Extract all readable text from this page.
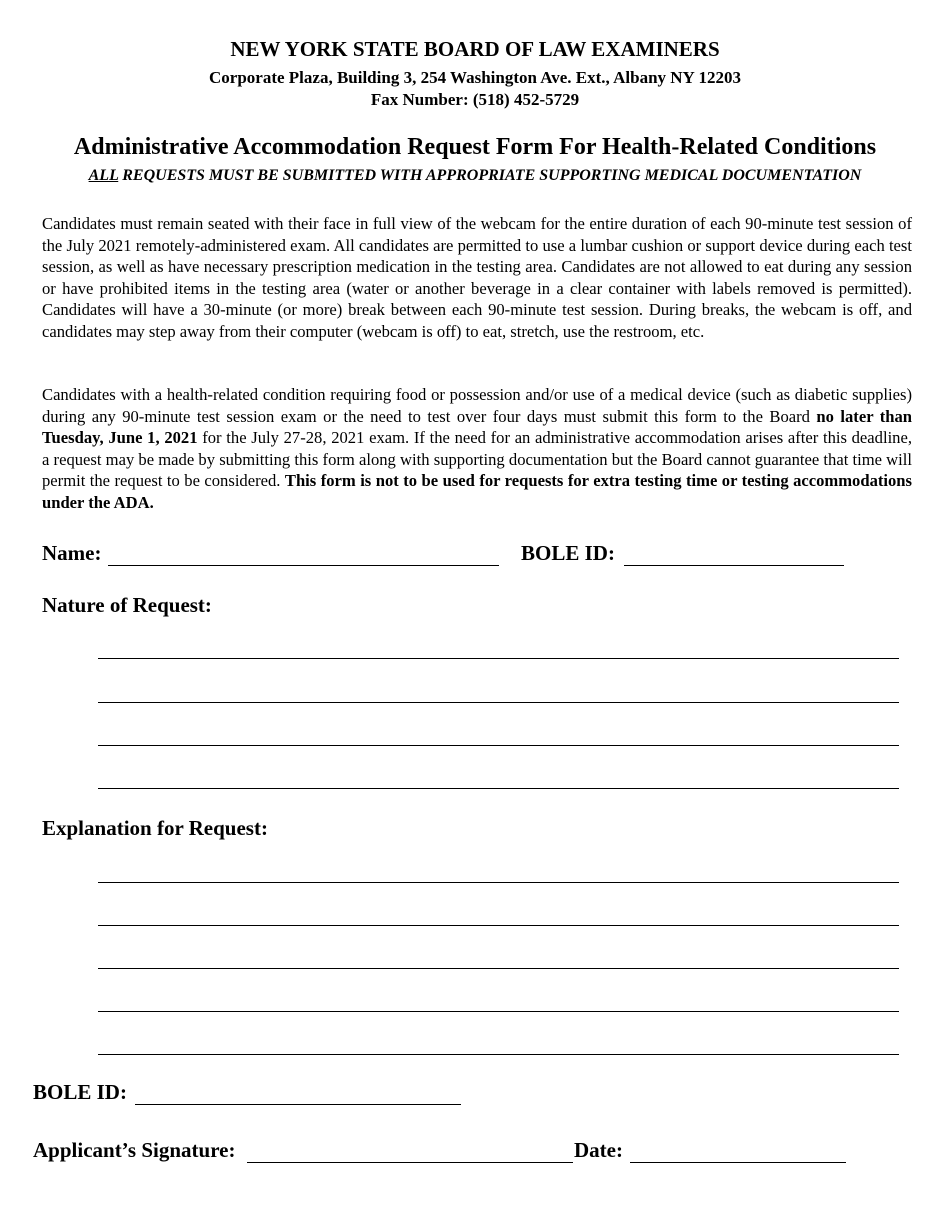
NEW YORK STATE BOARD OF LAW EXAMINERS
Corporate Plaza, Building 3, 254 Washington Ave. Ext., Albany NY 12203
Fax Number: (518) 452-5729
Administrative Accommodation Request Form For Health-Related Conditions
ALL REQUESTS MUST BE SUBMITTED WITH APPROPRIATE SUPPORTING MEDICAL DOCUMENTATION
Candidates must remain seated with their face in full view of the webcam for the entire duration of each 90-minute test session of the July 2021 remotely-administered exam. All candidates are permitted to use a lumbar cushion or support device during each test session, as well as have necessary prescription medication in the testing area. Candidates are not allowed to eat during any session or have prohibited items in the testing area (water or another beverage in a clear container with labels removed is permitted). Candidates will have a 30-minute (or more) break between each 90-minute test session. During breaks, the webcam is off, and candidates may step away from their computer (webcam is off) to eat, stretch, use the restroom, etc.
Candidates with a health-related condition requiring food or possession and/or use of a medical device (such as diabetic supplies) during any 90-minute test session exam or the need to test over four days must submit this form to the Board no later than Tuesday, June 1, 2021 for the July 27-28, 2021 exam. If the need for an administrative accommodation arises after this deadline, a request may be made by submitting this form along with supporting documentation but the Board cannot guarantee that time will permit the request to be considered. This form is not to be used for requests for extra testing time or testing accommodations under the ADA.
Name:	BOLE ID:
Nature of Request:
Explanation for Request:
BOLE ID:
Applicant’s Signature:	Date:
